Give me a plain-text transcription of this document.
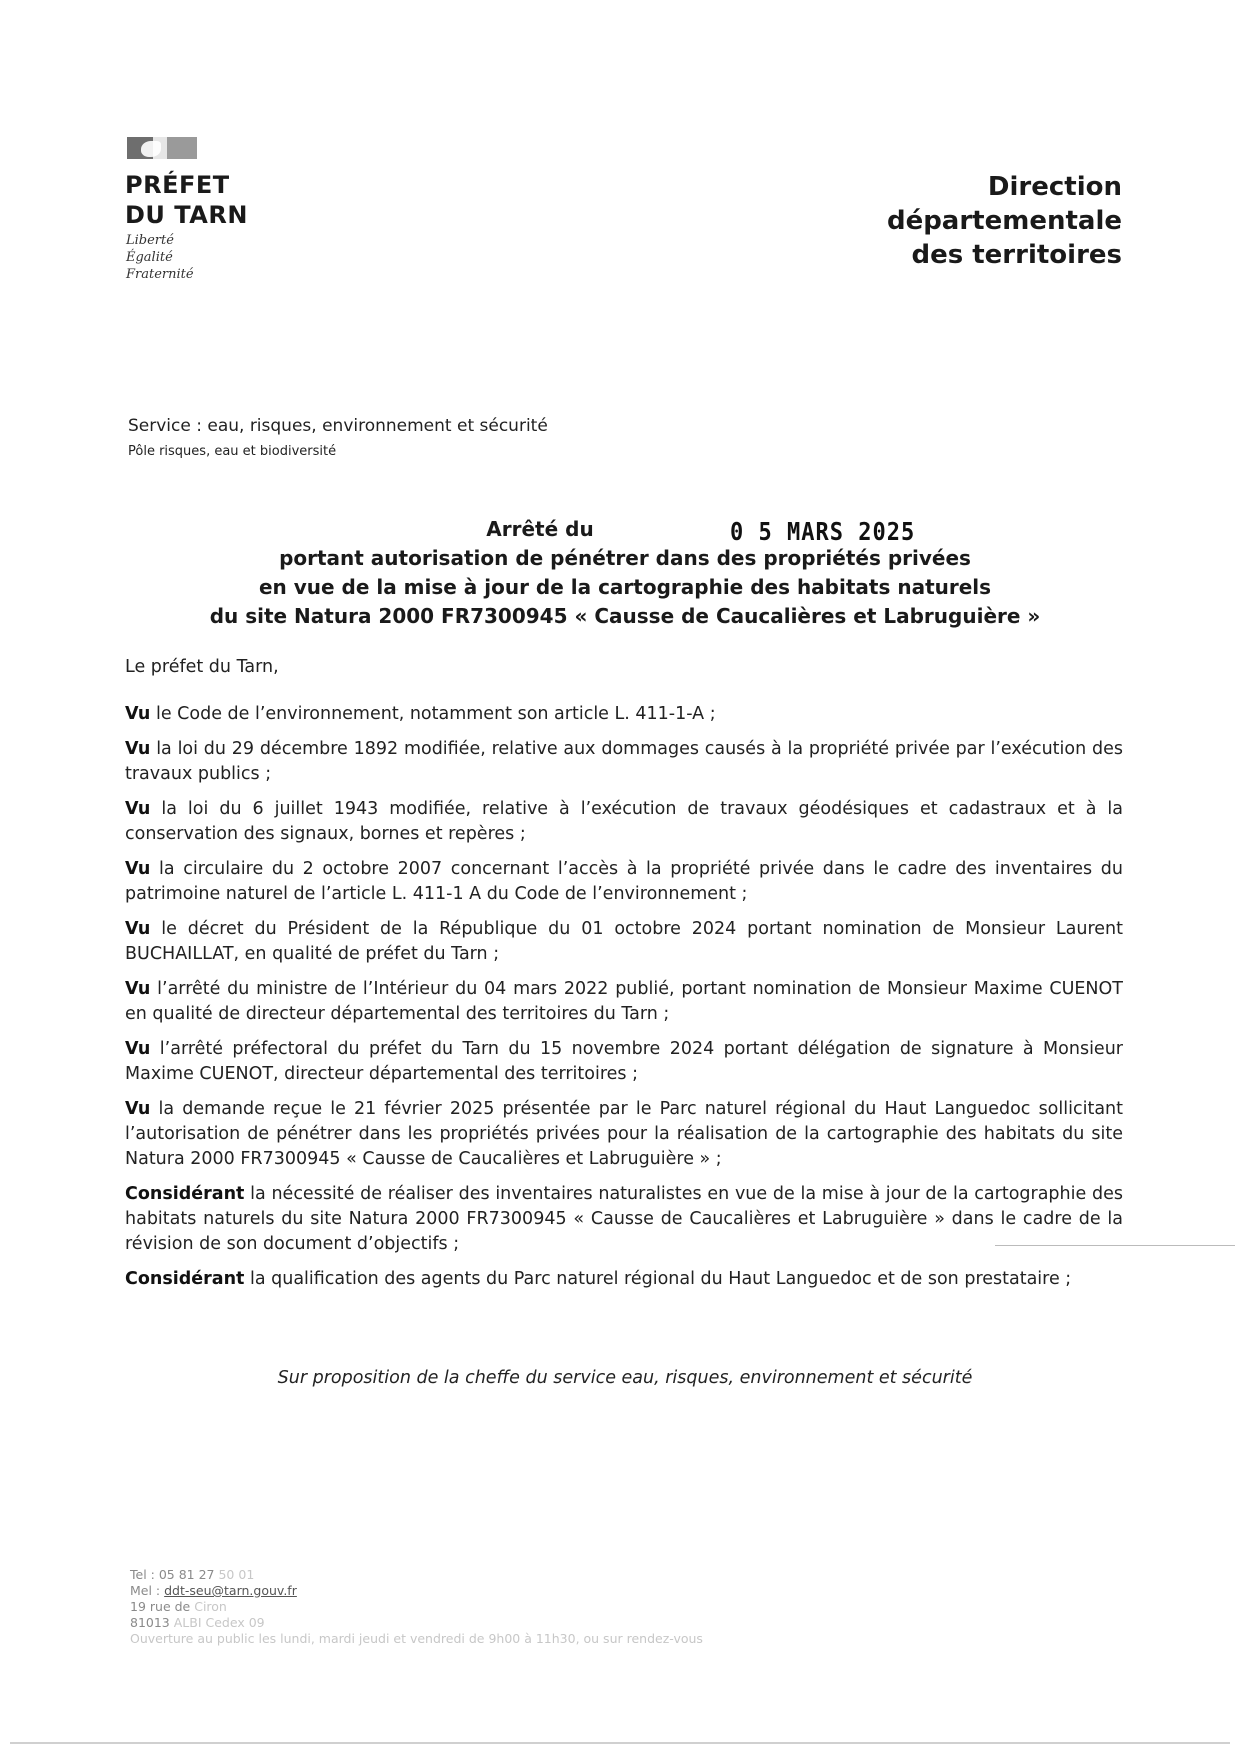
PRÉFET
DU TARN
Liberté
Égalité
Fraternité
Direction
départementale
des territoires
Service : eau, risques, environnement et sécurité
Pôle risques, eau et biodiversité
Arrêté du
portant autorisation de pénétrer dans des propriétés privées
en vue de la mise à jour de la cartographie des habitats naturels
du site Natura 2000 FR7300945 « Causse de Caucalières et Labruguière »
0 5 MARS 2025

Le préfet du Tarn,

Vu le Code de l’environnement, notamment son article L. 411-1-A ;

Vu la loi du 29 décembre 1892 modifiée, relative aux dommages causés à la propriété privée par l’exécution des travaux publics ;

Vu la loi du 6 juillet 1943 modifiée, relative à l’exécution de travaux géodésiques et cadastraux et à la conservation des signaux, bornes et repères ;

Vu la circulaire du 2 octobre 2007 concernant l’accès à la propriété privée dans le cadre des inventaires du patrimoine naturel de l’article L. 411-1 A du Code de l’environnement ;

Vu le décret du Président de la République du 01 octobre 2024 portant nomination de Monsieur Laurent BUCHAILLAT, en qualité de préfet du Tarn ;

Vu l’arrêté du ministre de l’Intérieur du 04 mars 2022 publié, portant nomination de Monsieur Maxime CUENOT en qualité de directeur départemental des territoires du Tarn ;

Vu l’arrêté préfectoral du préfet du Tarn du 15 novembre 2024 portant délégation de signature à Monsieur Maxime CUENOT, directeur départemental des territoires ;

Vu la demande reçue le 21 février 2025 présentée par le Parc naturel régional du Haut Languedoc sollicitant l’autorisation de pénétrer dans les propriétés privées pour la réalisation de la cartographie des habitats du site Natura 2000 FR7300945 « Causse de Caucalières et Labruguière » ;

Considérant la nécessité de réaliser des inventaires naturalistes en vue de la mise à jour de la cartographie des habitats naturels du site Natura 2000 FR7300945 « Causse de Caucalières et Labruguière » dans le cadre de la révision de son document d’objectifs ;

Considérant la qualification des agents du Parc naturel régional du Haut Languedoc et de son prestataire ;

Sur proposition de la cheffe du service eau, risques, environnement et sécurité
Tel : 05 81 27 50 01
Mel : ddt-seu@tarn.gouv.fr
19 rue de Ciron
81013 ALBI Cedex 09
Ouverture au public les lundi, mardi jeudi et vendredi de 9h00 à 11h30, ou sur rendez-vous
